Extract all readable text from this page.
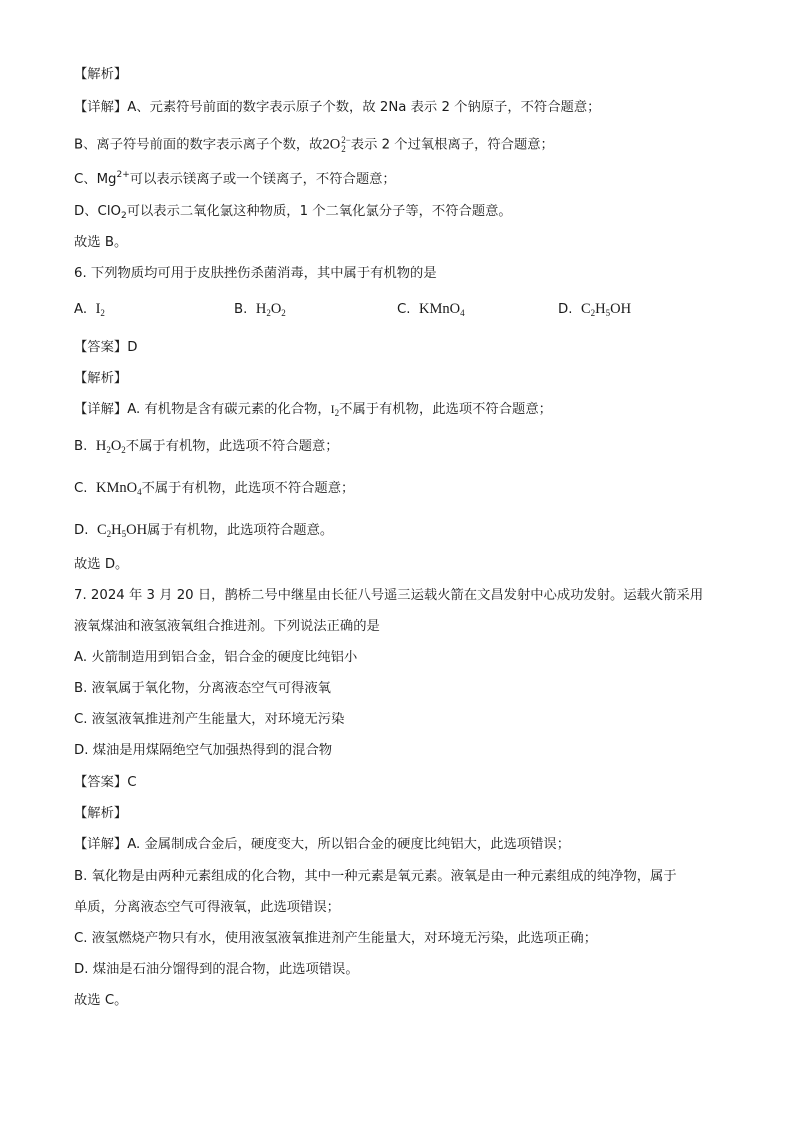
【解析】
【详解】A、元素符号前面的数字表示原子个数，故 2Na 表示 2 个钠原子，不符合题意；
B、离子符号前面的数字表示离子个数，故2O 2−
2 表示 2 个过氧根离子，符合题意；
C、$Mg^{2+}$可以表示镁离子或一个镁离子，不符合题意；
D、ClO$_2$可以表示二氧化氯这种物质，1 个二氧化氯分子等，不符合题意。
故选 B。
6. 下列物质均可用于皮肤挫伤杀菌消毒，其中属于有机物的是
A. $I_2$	B. $H_2O_2$	C. KMnO$_4$	D. $C_2H_5OH$
【答案】D
【解析】
【详解】A. 有机物是含有碳元素的化合物，$I_2$不属于有机物，此选项不符合题意；
B. $H_2O_2$不属于有机物，此选项不符合题意；
C. KMnO$_4$不属于有机物，此选项不符合题意；
D. $C_2H_5OH$属于有机物，此选项符合题意。
故选 D。
7. 2024 年 3 月 20 日，鹊桥二号中继星由长征八号遥三运载火箭在文昌发射中心成功发射。运载火箭采用
液氧煤油和液氢液氧组合推进剂。下列说法正确的是
A. 火箭制造用到铝合金，铝合金的硬度比纯铝小
B. 液氧属于氧化物，分离液态空气可得液氧
C. 液氢液氧推进剂产生能量大，对环境无污染
D. 煤油是用煤隔绝空气加强热得到的混合物
【答案】C
【解析】
【详解】A. 金属制成合金后，硬度变大，所以铝合金的硬度比纯铝大，此选项错误；
B. 氧化物是由两种元素组成的化合物，其中一种元素是氧元素。液氧是由一种元素组成的纯净物，属于
单质，分离液态空气可得液氧，此选项错误；
C. 液氢燃烧产物只有水，使用液氢液氧推进剂产生能量大，对环境无污染，此选项正确；
D. 煤油是石油分馏得到的混合物，此选项错误。
故选 C。
